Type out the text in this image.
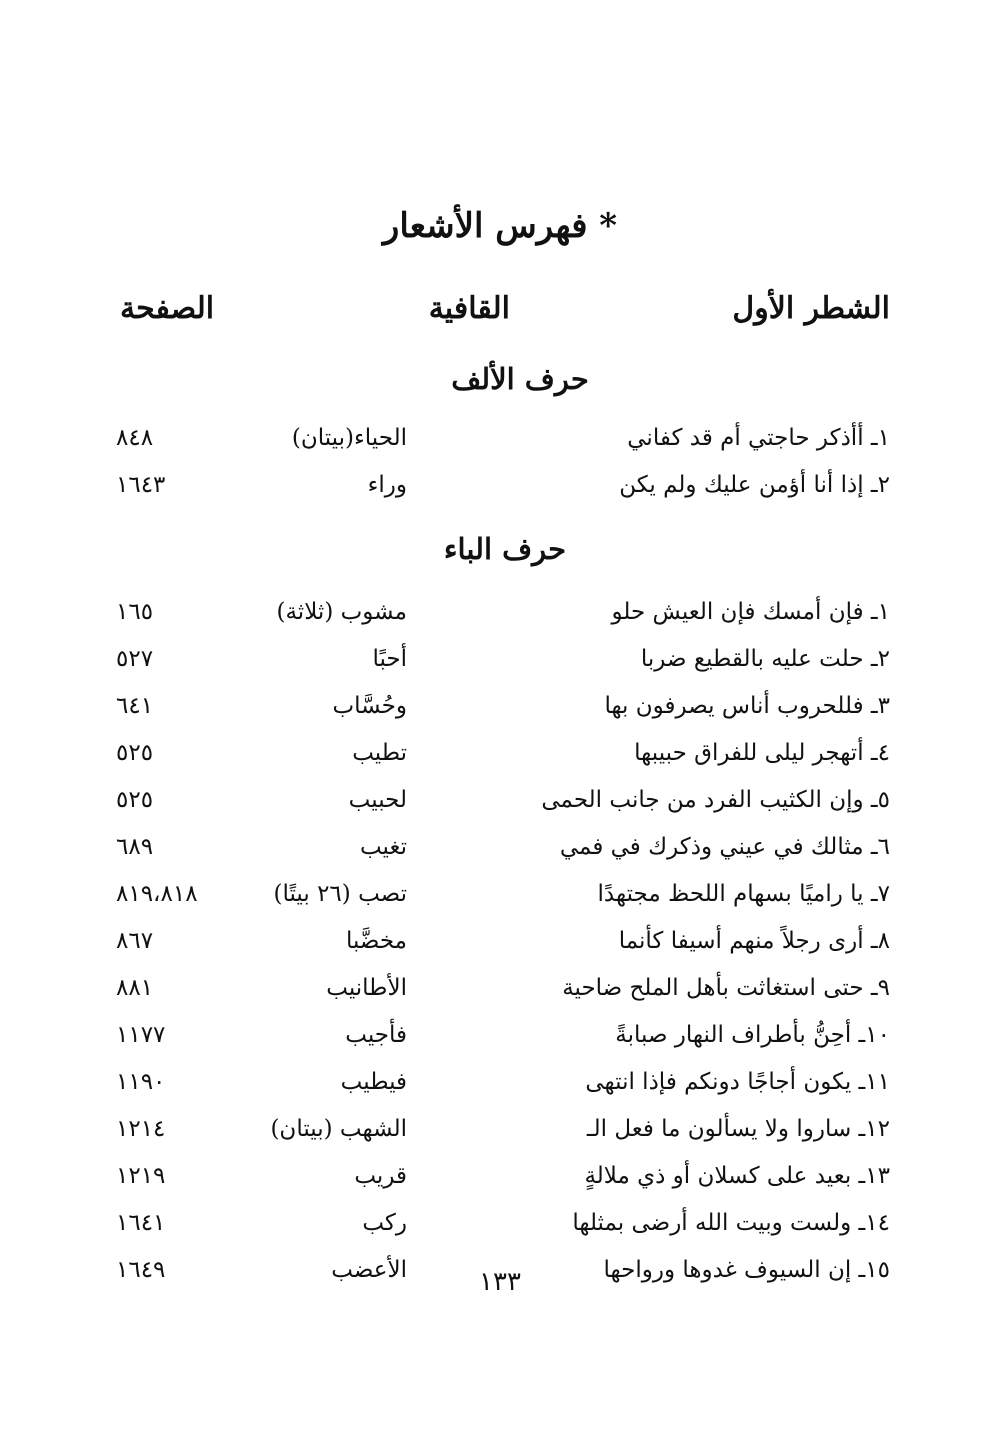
* فهرس الأشعار
الشطر الأول
القافية
الصفحة
حرف الألف
١ـ أأذكر حاجتي أم قد كفاني
الحياء(بيتان)
٨٤٨
٢ـ إذا أنا أؤمن عليك ولم يكن
وراء
١٦٤٣
حرف الباء
١ـ فإن أمسك فإن العيش حلو
مشوب (ثلاثة)
١٦٥
٢ـ حلت عليه بالقطيع ضربا
أحبًا
٥٢٧
٣ـ فللحروب أناس يصرفون بها
وحُسَّاب
٦٤١
٤ـ أتهجر ليلى للفراق حبيبها
تطيب
٥٢٥
٥ـ وإن الكثيب الفرد من جانب الحمى
لحبيب
٥٢٥
٦ـ مثالك في عيني وذكرك في فمي
تغيب
٦٨٩
٧ـ يا راميًا بسهام اللحظ مجتهدًا
تصب (٢٦ بيتًا)
٨١٩،٨١٨
٨ـ أرى رجلاً منهم أسيفا كأنما
مخضَّبا
٨٦٧
٩ـ حتى استغاثت بأهل الملح ضاحية
الأطانيب
٨٨١
١٠ـ أحِنُّ بأطراف النهار صبابةً
فأجيب
١١٧٧
١١ـ يكون أجاجًا دونكم فإذا انتهى
فيطيب
١١٩٠
١٢ـ ساروا ولا يسألون ما فعل الـ
الشهب (بيتان)
١٢١٤
١٣ـ بعيد على كسلان أو ذي ملالةٍ
قريب
١٢١٩
١٤ـ ولست وبيت الله أرضى بمثلها
ركب
١٦٤١
١٥ـ إن السيوف غدوها ورواحها
الأعضب
١٦٤٩	١٣٣
